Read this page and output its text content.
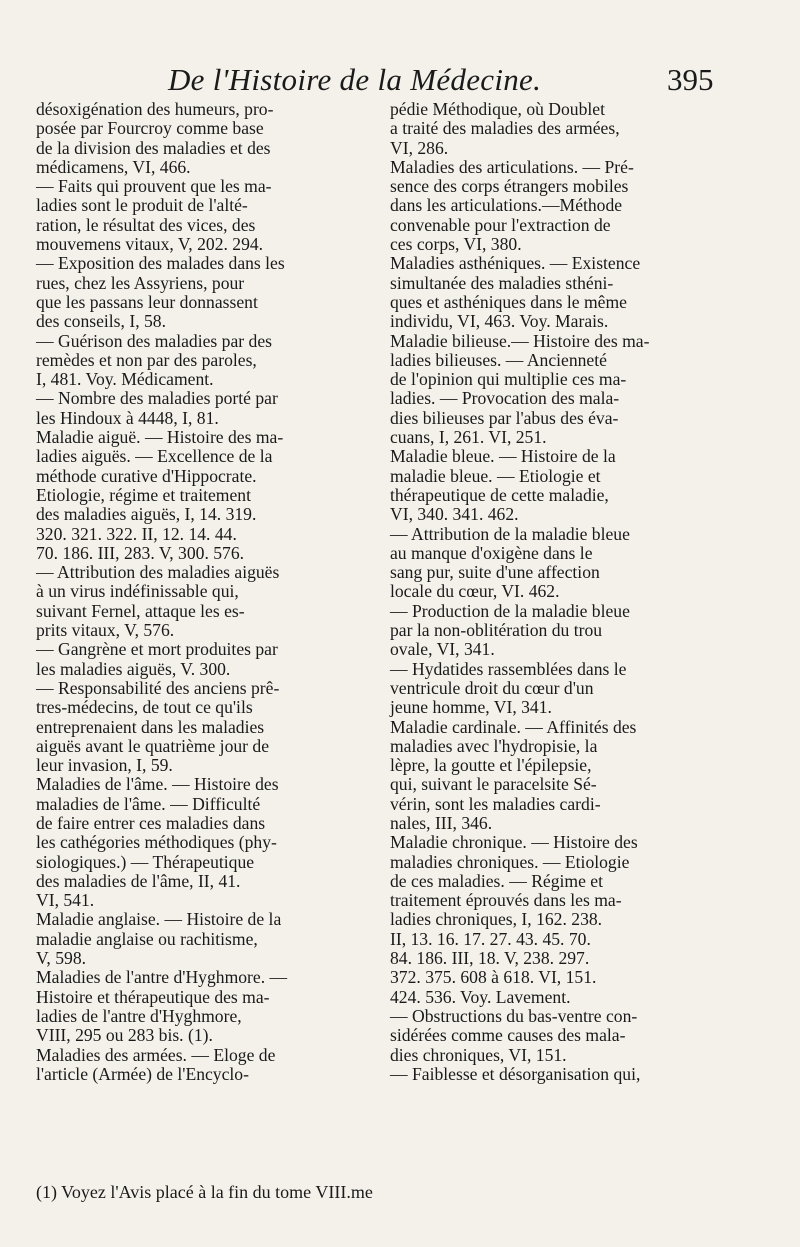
De l'Histoire de la Médecine.	395
désoxigénation des humeurs, pro-
posée par Fourcroy comme base
de la division des maladies et des
médicamens, VI, 466.
— Faits qui prouvent que les ma-
ladies sont le produit de l'alté-
ration, le résultat des vices, des
mouvemens vitaux, V, 202. 294.
— Exposition des malades dans les
rues, chez les Assyriens, pour
que les passans leur donnassent
des conseils, I, 58.
— Guérison des maladies par des
remèdes et non par des paroles,
I, 481. Voy. Médicament.
— Nombre des maladies porté par
les Hindoux à 4448, I, 81.
Maladie aiguë. — Histoire des ma-
ladies aiguës. — Excellence de la
méthode curative d'Hippocrate.
Etiologie, régime et traitement
des maladies aiguës, I, 14. 319.
320. 321. 322. II, 12. 14. 44.
70. 186. III, 283. V, 300. 576.
— Attribution des maladies aiguës
à un virus indéfinissable qui,
suivant Fernel, attaque les es-
prits vitaux, V, 576.
— Gangrène et mort produites par
les maladies aiguës, V. 300.
— Responsabilité des anciens prê-
tres-médecins, de tout ce qu'ils
entreprenaient dans les maladies
aiguës avant le quatrième jour de
leur invasion, I, 59.
Maladies de l'âme. — Histoire des
maladies de l'âme. — Difficulté
de faire entrer ces maladies dans
les cathégories méthodiques (phy-
siologiques.) — Thérapeutique
des maladies de l'âme, II, 41.
VI, 541.
Maladie anglaise. — Histoire de la
maladie anglaise ou rachitisme,
V, 598.
Maladies de l'antre d'Hyghmore. —
Histoire et thérapeutique des ma-
ladies de l'antre d'Hyghmore,
VIII, 295 ou 283 bis. (1).
Maladies des armées. — Eloge de
l'article (Armée) de l'Encyclo-
pédie Méthodique, où Doublet
a traité des maladies des armées,
VI, 286.
Maladies des articulations. — Pré-
sence des corps étrangers mobiles
dans les articulations.—Méthode
convenable pour l'extraction de
ces corps, VI, 380.
Maladies asthéniques. — Existence
simultanée des maladies sthéni-
ques et asthéniques dans le même
individu, VI, 463. Voy. Marais.
Maladie bilieuse.— Histoire des ma-
ladies bilieuses. — Ancienneté
de l'opinion qui multiplie ces ma-
ladies. — Provocation des mala-
dies bilieuses par l'abus des éva-
cuans, I, 261. VI, 251.
Maladie bleue. — Histoire de la
maladie bleue. — Etiologie et
thérapeutique de cette maladie,
VI, 340. 341. 462.
— Attribution de la maladie bleue
au manque d'oxigène dans le
sang pur, suite d'une affection
locale du cœur, VI. 462.
— Production de la maladie bleue
par la non-oblitération du trou
ovale, VI, 341.
— Hydatides rassemblées dans le
ventricule droit du cœur d'un
jeune homme, VI, 341.
Maladie cardinale. — Affinités des
maladies avec l'hydropisie, la
lèpre, la goutte et l'épilepsie,
qui, suivant le paracelsite Sé-
vérin, sont les maladies cardi-
nales, III, 346.
Maladie chronique. — Histoire des
maladies chroniques. — Etiologie
de ces maladies. — Régime et
traitement éprouvés dans les ma-
ladies chroniques, I, 162. 238.
II, 13. 16. 17. 27. 43. 45. 70.
84. 186. III, 18. V, 238. 297.
372. 375. 608 à 618. VI, 151.
424. 536. Voy. Lavement.
— Obstructions du bas-ventre con-
sidérées comme causes des mala-
dies chroniques, VI, 151.
— Faiblesse et désorganisation qui,
(1) Voyez l'Avis placé à la fin du tome VIII.me
